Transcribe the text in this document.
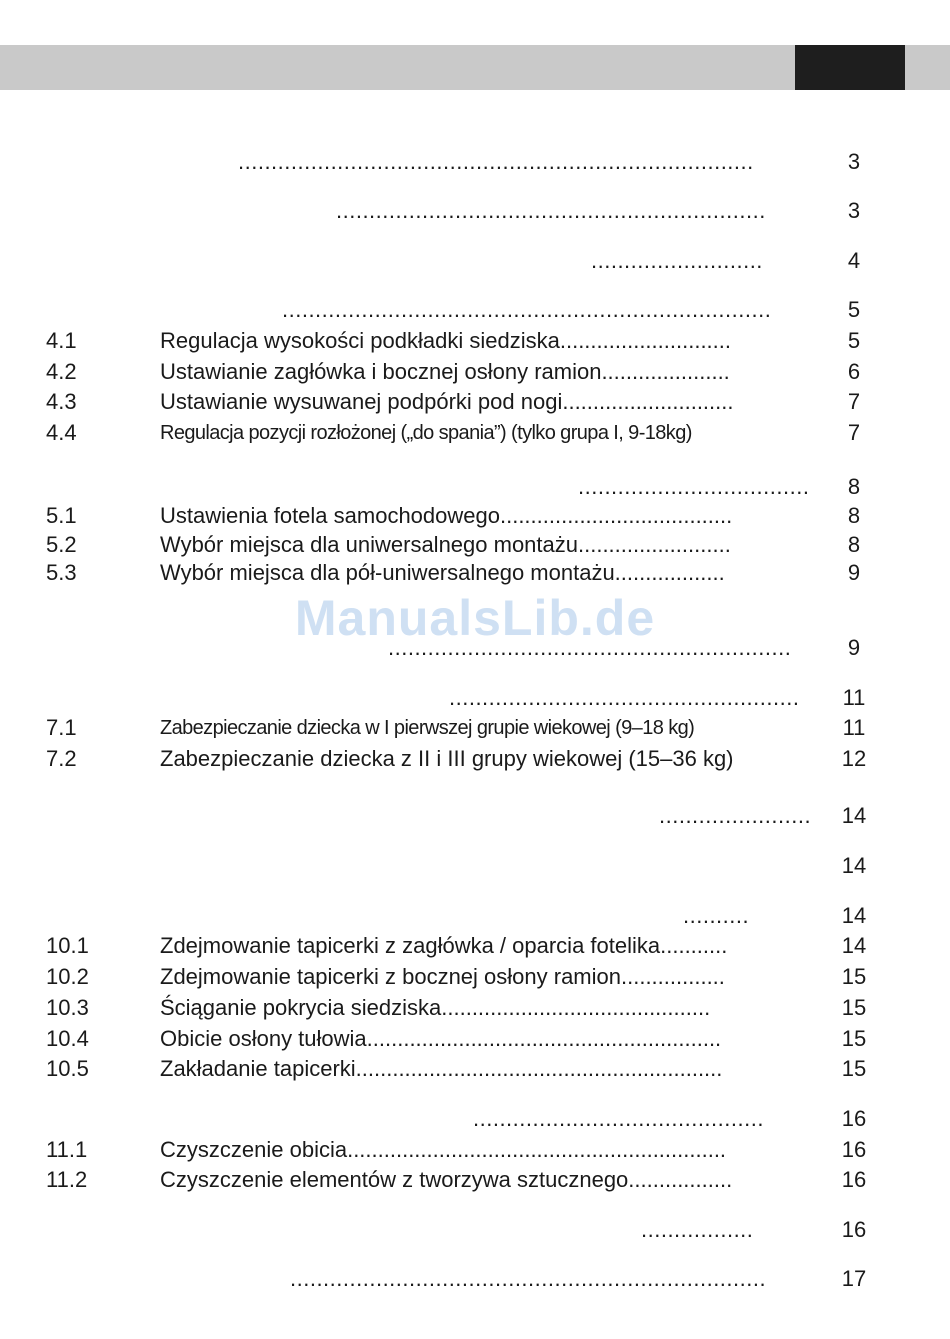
..............................................................................	3
.................................................................	3
..........................	4
..........................................................................	5
4.1	Regulacja wysokości podkładki siedziska............................	5
4.2	Ustawianie zagłówka i bocznej osłony ramion.....................	6
4.3	Ustawianie wysuwanej podpórki pod nogi............................	7
4.4	Regulacja pozycji rozłożonej („do spania”) (tylko grupa I, 9-18kg)	7
...................................	8
5.1	Ustawienia fotela samochodowego......................................	8
5.2	Wybór miejsca dla uniwersalnego montażu.........................	8
5.3	Wybór miejsca dla pół-uniwersalnego montażu..................	9
.............................................................	9
.....................................................	11
7.1	Zabezpieczanie dziecka w I pierwszej grupie wiekowej (9–18 kg)	11
7.2	Zabezpieczanie dziecka z II i III grupy wiekowej (15–36 kg)	12
.......................	14
14
..........	14
10.1	Zdejmowanie tapicerki z zagłówka / oparcia fotelika...........	14
10.2	Zdejmowanie tapicerki z bocznej osłony ramion.................	15
10.3	Ściąganie pokrycia siedziska............................................	15
10.4	Obicie osłony tułowia..........................................................	15
10.5	Zakładanie tapicerki............................................................	15
............................................	16
11.1	Czyszczenie obicia..............................................................	16
11.2	Czyszczenie elementów z tworzywa sztucznego.................	16
.................	16
........................................................................	17
ManualsLib.de
